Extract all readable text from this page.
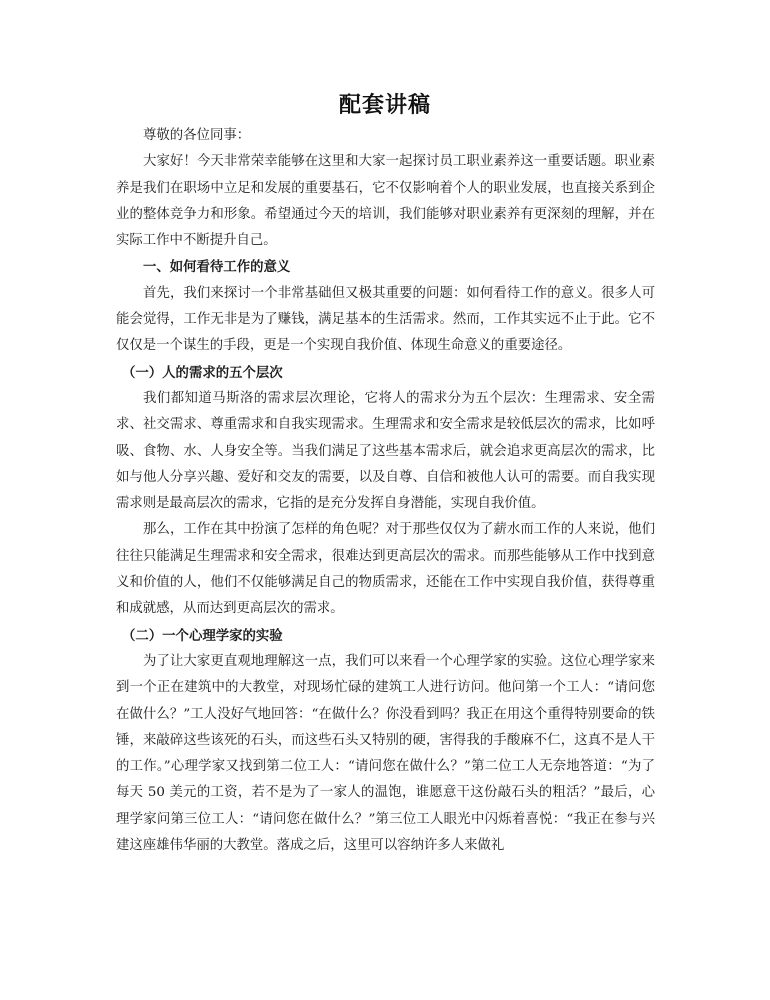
配套讲稿

尊敬的各位同事：

大家好！今天非常荣幸能够在这里和大家一起探讨员工职业素养这一重要话题。职业素养是我们在职场中立足和发展的重要基石，它不仅影响着个人的职业发展，也直接关系到企业的整体竞争力和形象。希望通过今天的培训，我们能够对职业素养有更深刻的理解，并在实际工作中不断提升自己。

一、如何看待工作的意义

首先，我们来探讨一个非常基础但又极其重要的问题：如何看待工作的意义。很多人可能会觉得，工作无非是为了赚钱，满足基本的生活需求。然而，工作其实远不止于此。它不仅仅是一个谋生的手段，更是一个实现自我价值、体现生命意义的重要途径。

（一）人的需求的五个层次

我们都知道马斯洛的需求层次理论，它将人的需求分为五个层次：生理需求、安全需求、社交需求、尊重需求和自我实现需求。生理需求和安全需求是较低层次的需求，比如呼吸、食物、水、人身安全等。当我们满足了这些基本需求后，就会追求更高层次的需求，比如与他人分享兴趣、爱好和交友的需要，以及自尊、自信和被他人认可的需要。而自我实现需求则是最高层次的需求，它指的是充分发挥自身潜能，实现自我价值。

那么，工作在其中扮演了怎样的角色呢？对于那些仅仅为了薪水而工作的人来说，他们往往只能满足生理需求和安全需求，很难达到更高层次的需求。而那些能够从工作中找到意义和价值的人，他们不仅能够满足自己的物质需求，还能在工作中实现自我价值，获得尊重和成就感，从而达到更高层次的需求。

（二）一个心理学家的实验

为了让大家更直观地理解这一点，我们可以来看一个心理学家的实验。这位心理学家来到一个正在建筑中的大教堂，对现场忙碌的建筑工人进行访问。他问第一个工人：“请问您在做什么？”工人没好气地回答：“在做什么？你没看到吗？我正在用这个重得特别要命的铁锤，来敲碎这些该死的石头，而这些石头又特别的硬，害得我的手酸麻不仁，这真不是人干的工作。”心理学家又找到第二位工人：“请问您在做什么？”第二位工人无奈地答道：“为了每天 50 美元的工资，若不是为了一家人的温饱，谁愿意干这份敲石头的粗活？”最后，心理学家问第三位工人：“请问您在做什么？”第三位工人眼光中闪烁着喜悦：“我正在参与兴建这座雄伟华丽的大教堂。落成之后，这里可以容纳许多人来做礼
